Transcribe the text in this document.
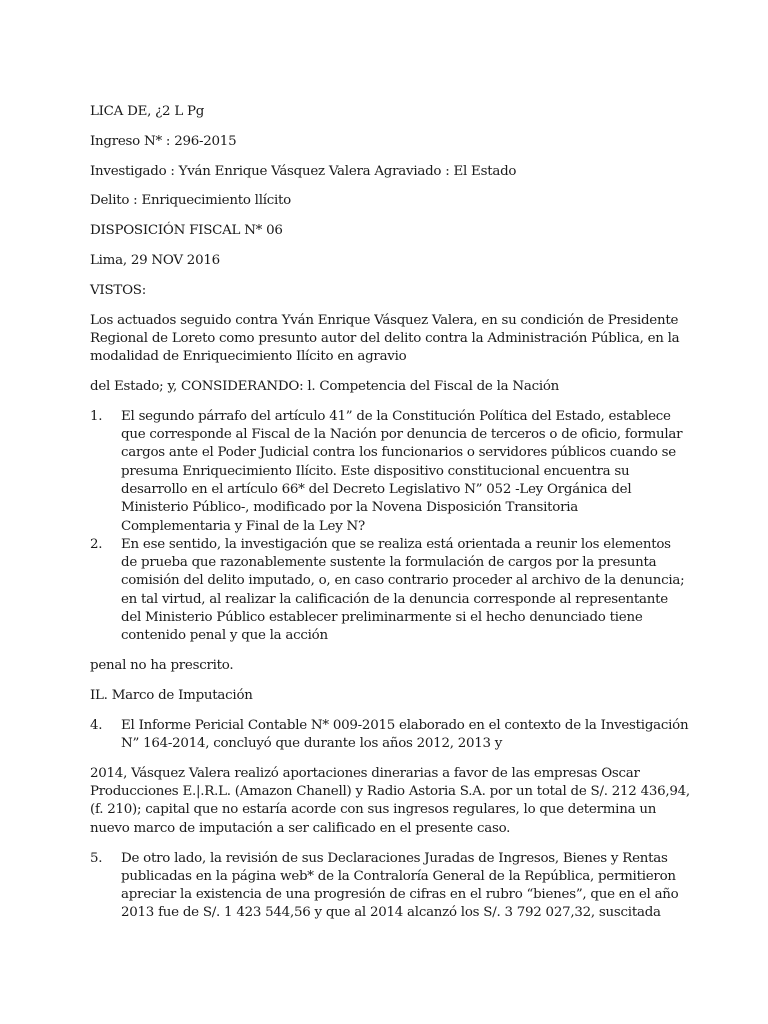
LICA DE, ¿2 L Pg

Ingreso N* : 296-2015

Investigado : Yván Enrique Vásquez Valera Agraviado : El Estado

Delito : Enriquecimiento llícito

DISPOSICIÓN FISCAL N* 06

Lima, 29 NOV 2016

VISTOS:

Los actuados seguido contra Yván Enrique Vásquez Valera, en su condición de Presidente Regional de Loreto como presunto autor del delito contra la Administración Pública, en la modalidad de Enriquecimiento Ilícito en agravio

del Estado; y, CONSIDERANDO: l. Competencia del Fiscal de la Nación

1. El segundo párrafo del artículo 41” de la Constitución Política del Estado, establece que corresponde al Fiscal de la Nación por denuncia de terceros o de oficio, formular cargos ante el Poder Judicial contra los funcionarios o servidores públicos cuando se presuma Enriquecimiento Ilícito. Este dispositivo constitucional encuentra su desarrollo en el artículo 66* del Decreto Legislativo N” 052 -Ley Orgánica del Ministerio Público-, modificado por la Novena Disposición Transitoria Complementaria y Final de la Ley N?
2. En ese sentido, la investigación que se realiza está orientada a reunir los elementos de prueba que razonablemente sustente la formulación de cargos por la presunta comisión del delito imputado, o, en caso contrario proceder al archivo de la denuncia; en tal virtud, al realizar la calificación de la denuncia corresponde al representante del Ministerio Público establecer preliminarmente si el hecho denunciado tiene contenido penal y que la acción

penal no ha prescrito.

IL. Marco de Imputación

4. El Informe Pericial Contable N* 009-2015 elaborado en el contexto de la Investigación N” 164-2014, concluyó que durante los años 2012, 2013 y

2014, Vásquez Valera realizó aportaciones dinerarias a favor de las empresas Oscar Producciones E.|.R.L. (Amazon Chanell) y Radio Astoria S.A. por un total de S/. 212 436,94, (f. 210); capital que no estaría acorde con sus ingresos regulares, lo que determina un nuevo marco de imputación a ser calificado en el presente caso.

5. De otro lado, la revisión de sus Declaraciones Juradas de Ingresos, Bienes y Rentas publicadas en la página web* de la Contraloría General de la República, permitieron apreciar la existencia de una progresión de cifras en el rubro “bienes”, que en el año 2013 fue de S/. 1 423 544,56 y que al 2014 alcanzó los S/. 3 792 027,32, suscitada
